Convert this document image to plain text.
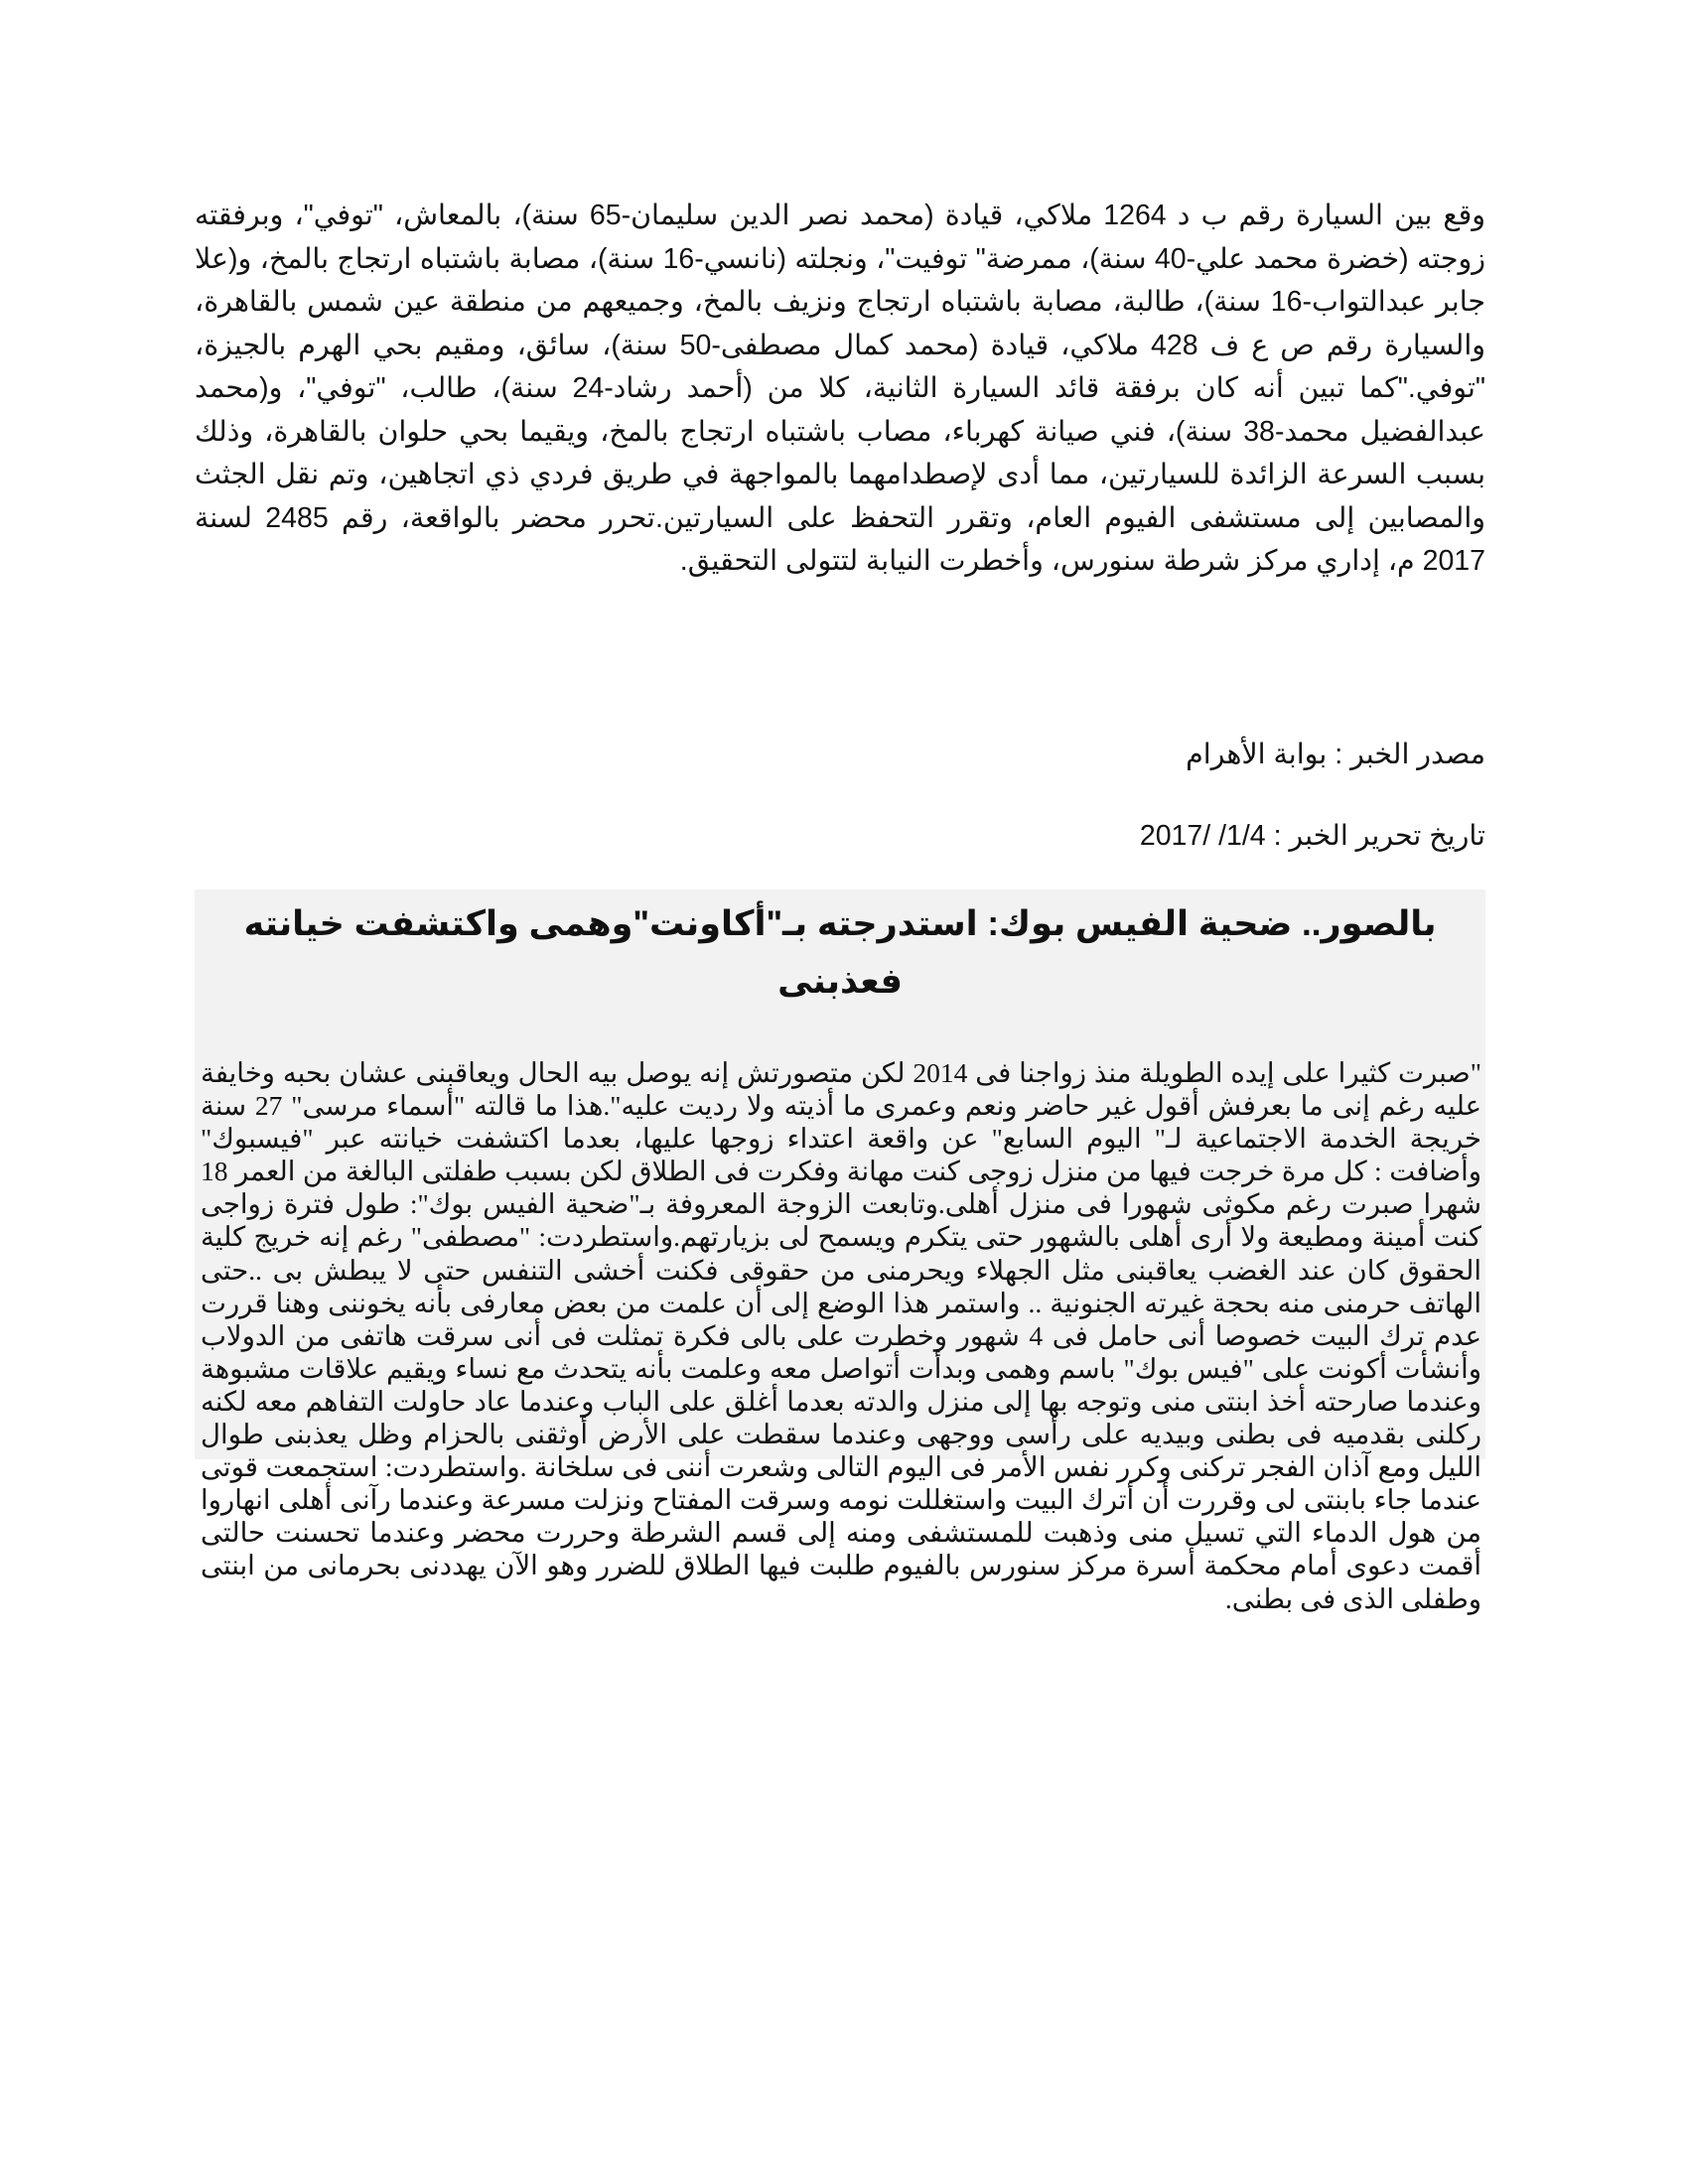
وقع بين السيارة رقم ب د 1264 ملاكي، قيادة (محمد نصر الدين سليمان-65 سنة)، بالمعاش، "توفي"، وبرفقته زوجته (خضرة محمد علي-40 سنة)، ممرضة" توفيت"، ونجلته (نانسي-16 سنة)، مصابة باشتباه ارتجاج بالمخ، و(علا جابر عبدالتواب-16 سنة)، طالبة، مصابة باشتباه ارتجاج ونزيف بالمخ، وجميعهم من منطقة عين شمس بالقاهرة، والسيارة رقم ص ع ف 428 ملاكي، قيادة (محمد كمال مصطفى-50 سنة)، سائق، ومقيم بحي الهرم بالجيزة، "توفي."كما تبين أنه كان برفقة قائد السيارة الثانية، كلا من (أحمد رشاد-24 سنة)، طالب، "توفي"، و(محمد عبدالفضيل محمد-38 سنة)، فني صيانة كهرباء، مصاب باشتباه ارتجاج بالمخ، ويقيما بحي حلوان بالقاهرة، وذلك بسبب السرعة الزائدة للسيارتين، مما أدى لإصطدامهما بالمواجهة في طريق فردي ذي اتجاهين، وتم نقل الجثث والمصابين إلى مستشفى الفيوم العام، وتقرر التحفظ على السيارتين.تحرر محضر بالواقعة، رقم 2485 لسنة 2017 م، إداري مركز شرطة سنورس، وأخطرت النيابة لتتولى التحقيق.

مصدر الخبر : بوابة الأهرام
تاريخ تحرير الخبر : 1/4/ /2017
بالصور.. ضحية الفيس بوك: استدرجته بـ"أكاونت"وهمى واكتشفت خيانته فعذبنى

"صبرت كثيرا على إيده الطويلة منذ زواجنا فى 2014 لكن متصورتش إنه يوصل بيه الحال ويعاقبنى عشان بحبه وخايفة عليه رغم إنى ما بعرفش أقول غير حاضر ونعم وعمرى ما أذيته ولا رديت عليه".هذا ما قالته "أسماء مرسى" 27 سنة خريجة الخدمة الاجتماعية لـ" اليوم السابع" عن واقعة اعتداء زوجها عليها، بعدما اكتشفت خيانته عبر "فيسبوك" وأضافت : كل مرة خرجت فيها من منزل زوجى كنت مهانة وفكرت فى الطلاق لكن بسبب طفلتى البالغة من العمر 18 شهرا صبرت رغم مكوثى شهورا فى منزل أهلى.وتابعت الزوجة المعروفة بـ"ضحية الفيس بوك": طول فترة زواجى كنت أمينة ومطيعة ولا أرى أهلى بالشهور حتى يتكرم ويسمح لى بزيارتهم.واستطردت: "مصطفى" رغم إنه خريج كلية الحقوق كان عند الغضب يعاقبنى مثل الجهلاء ويحرمنى من حقوقى فكنت أخشى التنفس حتى لا يبطش بى ..حتى الهاتف حرمنى منه بحجة غيرته الجنونية .. واستمر هذا الوضع إلى أن علمت من بعض معارفى بأنه يخوننى وهنا قررت عدم ترك البيت خصوصا أنى حامل فى 4 شهور وخطرت على بالى فكرة تمثلت فى أنى سرقت هاتفى من الدولاب وأنشأت أكونت على "فيس بوك" باسم وهمى وبدأت أتواصل معه وعلمت بأنه يتحدث مع نساء ويقيم علاقات مشبوهة وعندما صارحته أخذ ابنتى منى وتوجه بها إلى منزل والدته بعدما أغلق على الباب وعندما عاد حاولت التفاهم معه لكنه ركلنى بقدميه فى بطنى وبيديه على رأسى ووجهى وعندما سقطت على الأرض أوثقنى بالحزام وظل يعذبنى طوال الليل ومع آذان الفجر تركنى وكرر نفس الأمر فى اليوم التالى وشعرت أننى فى سلخانة .واستطردت: استجمعت قوتى عندما جاء بابنتى لى وقررت أن أترك البيت واستغللت نومه وسرقت المفتاح ونزلت مسرعة وعندما رآنى أهلى انهاروا من هول الدماء التي تسيل منى وذهبت للمستشفى ومنه إلى قسم الشرطة وحررت محضر وعندما تحسنت حالتى أقمت دعوى أمام محكمة أسرة مركز سنورس بالفيوم طلبت فيها الطلاق للضرر وهو الآن يهددنى بحرمانى من ابنتى وطفلى الذى فى بطنى.
